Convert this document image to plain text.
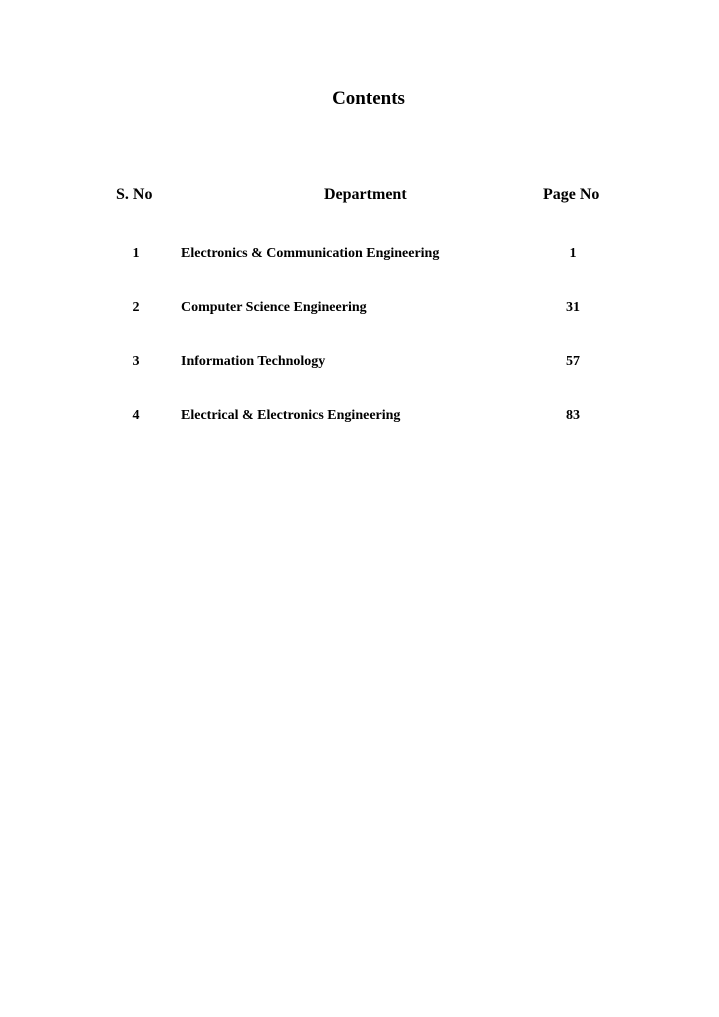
Contents
S. No	Department	Page No
1	Electronics & Communication Engineering	1
2	Computer Science Engineering	31
3	Information Technology	57
4	Electrical & Electronics Engineering	83
